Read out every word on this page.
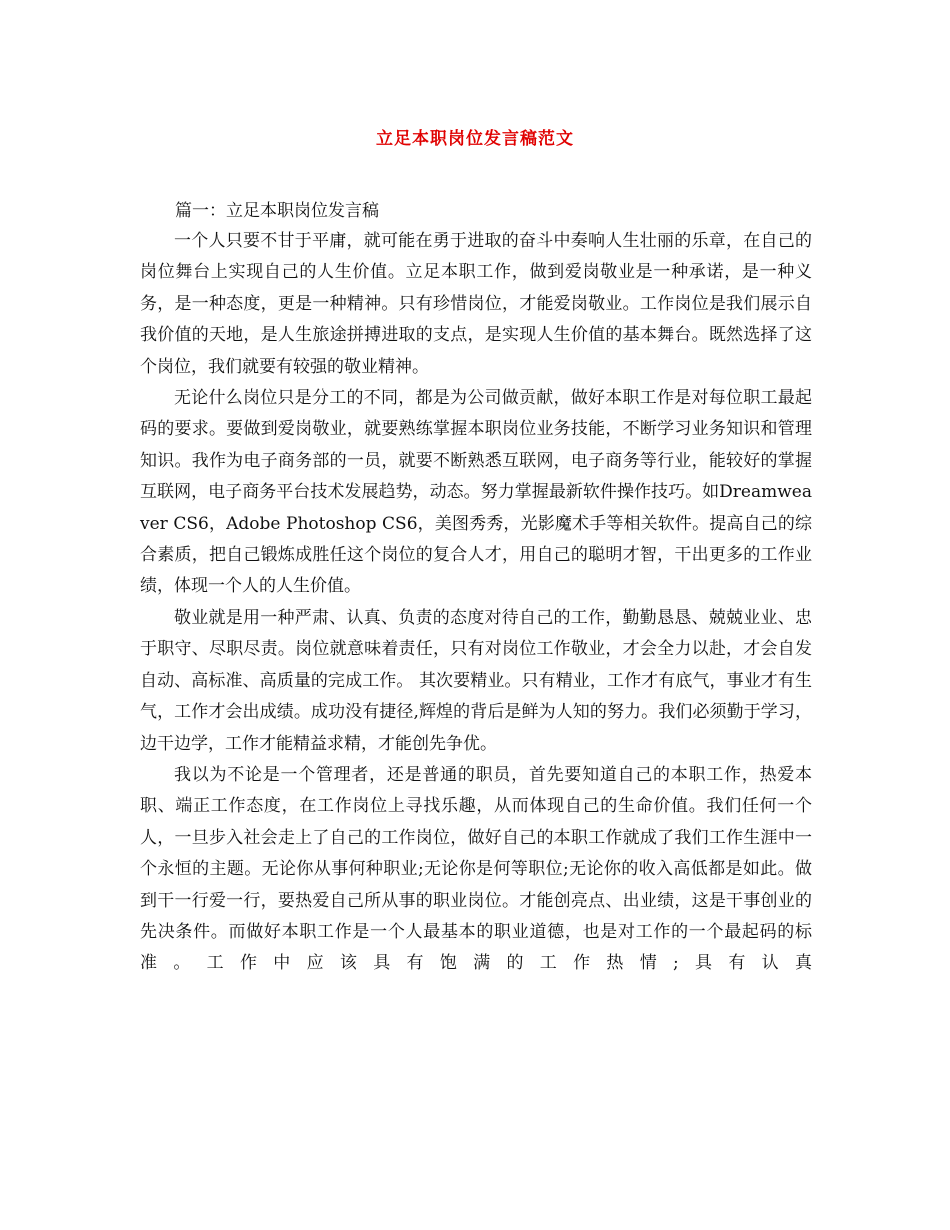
立足本职岗位发言稿范文

篇一：立足本职岗位发言稿

一个人只要不甘于平庸，就可能在勇于进取的奋斗中奏响人生壮丽的乐章，在自己的岗位舞台上实现自己的人生价值。立足本职工作，做到爱岗敬业是一种承诺，是一种义务，是一种态度，更是一种精神。只有珍惜岗位，才能爱岗敬业。工作岗位是我们展示自我价值的天地，是人生旅途拼搏进取的支点，是实现人生价值的基本舞台。既然选择了这个岗位，我们就要有较强的敬业精神。

无论什么岗位只是分工的不同，都是为公司做贡献，做好本职工作是对每位职工最起码的要求。要做到爱岗敬业，就要熟练掌握本职岗位业务技能，不断学习业务知识和管理知识。我作为电子商务部的一员，就要不断熟悉互联网，电子商务等行业，能较好的掌握互联网，电子商务平台技术发展趋势，动态。努力掌握最新软件操作技巧。如Dreamweaver CS6，Adobe Photoshop CS6，美图秀秀，光影魔术手等相关软件。提高自己的综合素质，把自己锻炼成胜任这个岗位的复合人才，用自己的聪明才智，干出更多的工作业绩，体现一个人的人生价值。

敬业就是用一种严肃、认真、负责的态度对待自己的工作，勤勤恳恳、兢兢业业、忠于职守、尽职尽责。岗位就意味着责任，只有对岗位工作敬业，才会全力以赴，才会自发自动、高标准、高质量的完成工作。 其次要精业。只有精业，工作才有底气，事业才有生气，工作才会出成绩。成功没有捷径,辉煌的背后是鲜为人知的努力。我们必须勤于学习，边干边学，工作才能精益求精，才能创先争优。

我以为不论是一个管理者，还是普通的职员，首先要知道自己的本职工作，热爱本职、端正工作态度，在工作岗位上寻找乐趣，从而体现自己的生命价值。我们任何一个人，一旦步入社会走上了自己的工作岗位，做好自己的本职工作就成了我们工作生涯中一个永恒的主题。无论你从事何种职业;无论你是何等职位;无论你的收入高低都是如此。做到干一行爱一行，要热爱自己所从事的职业岗位。才能创亮点、出业绩，这是干事创业的先决条件。而做好本职工作是一个人最基本的职业道德，也是对工作的一个最起码的标准。工作中应该具有饱满的工作热情;具有认真
